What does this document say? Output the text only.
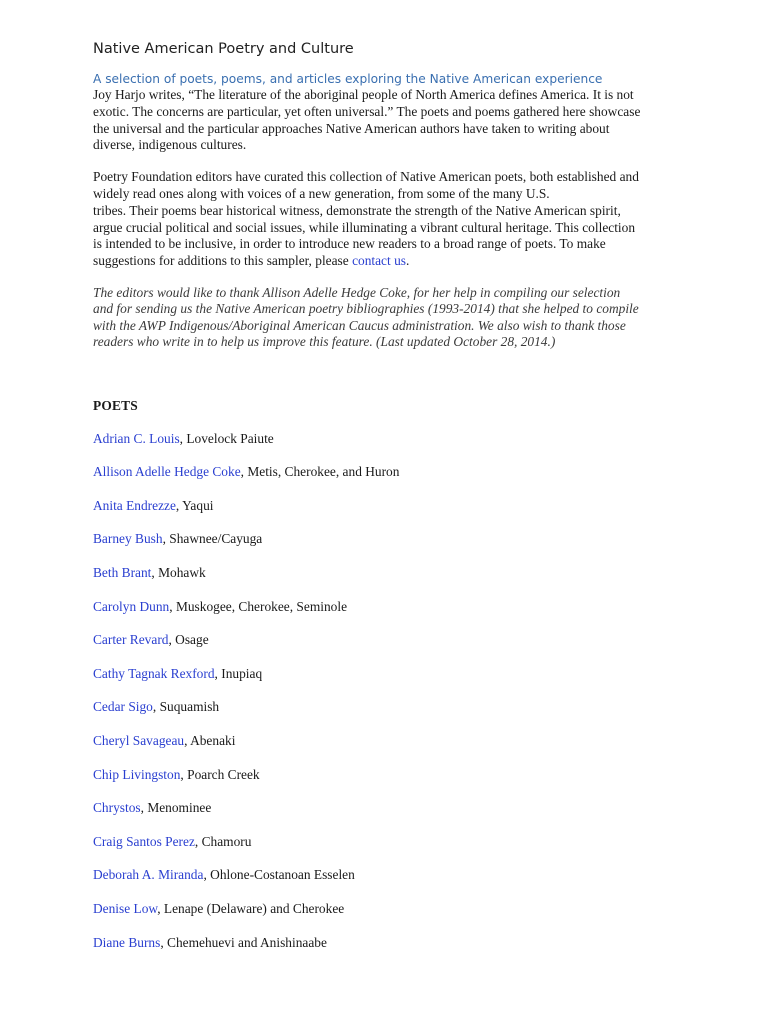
Native American Poetry and Culture

A selection of poets, poems, and articles exploring the Native American experience

Joy Harjo writes, “The literature of the aboriginal people of North America defines America. It is not
exotic. The concerns are particular, yet often universal.” The poets and poems gathered here showcase
the universal and the particular approaches Native American authors have taken to writing about
diverse, indigenous cultures.

Poetry Foundation editors have curated this collection of Native American poets, both established and
widely read ones along with voices of a new generation, from some of the many U.S.
tribes. Their poems bear historical witness, demonstrate the strength of the Native American spirit,
argue crucial political and social issues, while illuminating a vibrant cultural heritage. This collection
is intended to be inclusive, in order to introduce new readers to a broad range of poets. To make
suggestions for additions to this sampler, please contact us.

The editors would like to thank Allison Adelle Hedge Coke, for her help in compiling our selection
and for sending us the Native American poetry bibliographies (1993-2014) that she helped to compile
with the AWP Indigenous/Aboriginal American Caucus administration. We also wish to thank those
readers who write in to help us improve this feature. (Last updated October 28, 2014.)

POETS
Adrian C. Louis, Lovelock Paiute
Allison Adelle Hedge Coke, Metis, Cherokee, and Huron
Anita Endrezze, Yaqui
Barney Bush, Shawnee/Cayuga
Beth Brant, Mohawk
Carolyn Dunn, Muskogee, Cherokee, Seminole
Carter Revard, Osage
Cathy Tagnak Rexford, Inupiaq
Cedar Sigo, Suquamish
Cheryl Savageau, Abenaki
Chip Livingston, Poarch Creek
Chrystos, Menominee
Craig Santos Perez, Chamoru
Deborah A. Miranda, Ohlone-Costanoan Esselen
Denise Low, Lenape (Delaware) and Cherokee
Diane Burns, Chemehuevi and Anishinaabe
